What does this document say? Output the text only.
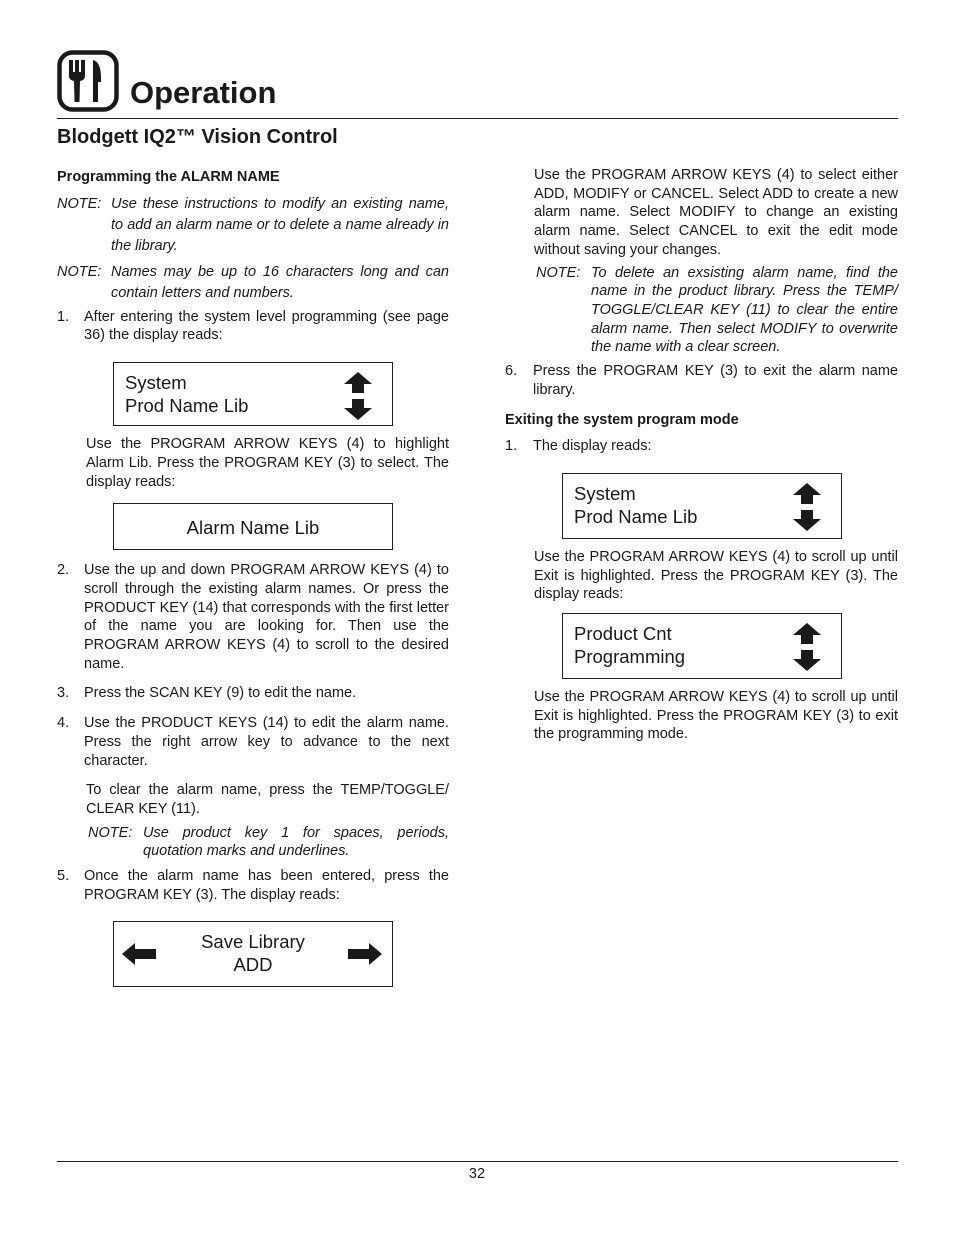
Operation
Blodgett IQ2™ Vision Control

Programming the ALARM NAME

NOTE: Use these instructions to modify an existing name, to add an alarm name or to delete a name already in the library.
NOTE: Names may be up to 16 characters long and can contain letters and numbers.
1. After entering the system level programming (see page 36) the display reads:
System
Prod Name Lib

Use the PROGRAM ARROW KEYS (4) to highlight Alarm Lib. Press the PROGRAM KEY (3) to select. The display reads:

Alarm Name Lib
2. Use the up and down PROGRAM ARROW KEYS (4) to scroll through the existing alarm names. Or press the PRODUCT KEY (14) that corresponds with the first letter of the name you are looking for. Then use the PROGRAM ARROW KEYS (4) to scroll to the desired name.
3. Press the SCAN KEY (9) to edit the name.
4. Use the PRODUCT KEYS (14) to edit the alarm name. Press the right arrow key to advance to the next character.

To clear the alarm name, press the TEMP/TOGGLE/ CLEAR KEY (11).

NOTE: Use product key 1 for spaces, periods, quotation marks and underlines.
5. Once the alarm name has been entered, press the PROGRAM KEY (3). The display reads:
Save Library
ADD

Use the PROGRAM ARROW KEYS (4) to select either ADD, MODIFY or CANCEL. Select ADD to create a new alarm name. Select MODIFY to change an existing alarm name. Select CANCEL to exit the edit mode without saving your changes.

NOTE: To delete an exsisting alarm name, find the name in the product library. Press the TEMP/ TOGGLE/CLEAR KEY (11) to clear the entire alarm name. Then select MODIFY to overwrite the name with a clear screen.
6. Press the PROGRAM KEY (3) to exit the alarm name library.

Exiting the system program mode

1. The display reads:
System
Prod Name Lib

Use the PROGRAM ARROW KEYS (4) to scroll up until Exit is highlighted. Press the PROGRAM KEY (3). The display reads:

Product Cnt
Programming

Use the PROGRAM ARROW KEYS (4) to scroll up until Exit is highlighted. Press the PROGRAM KEY (3) to exit the programming mode.

32
